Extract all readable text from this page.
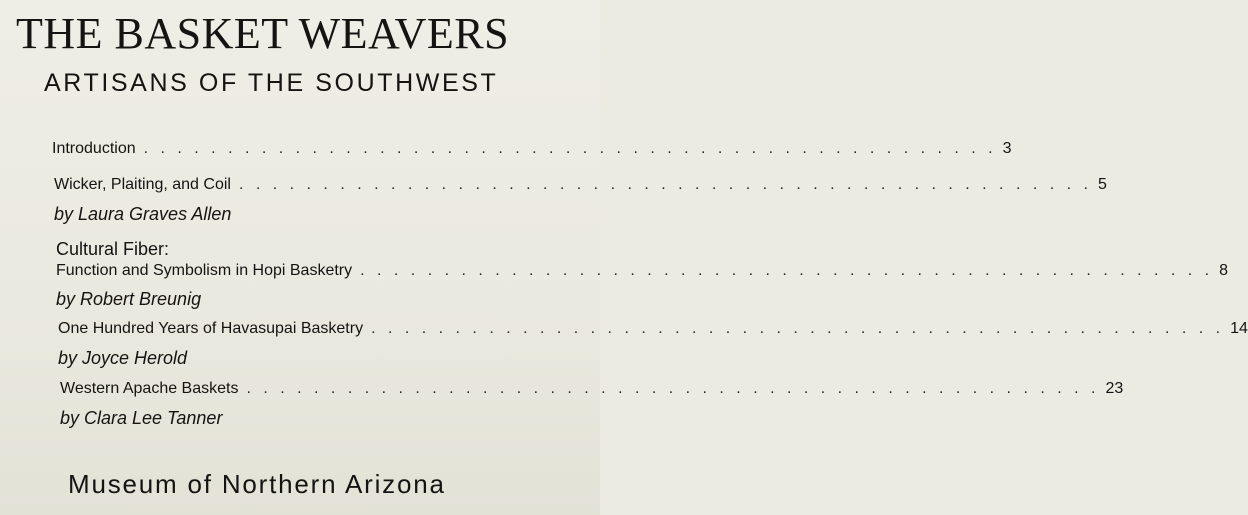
THE BASKET WEAVERS
ARTISANS OF THE SOUTHWEST
Introduction . . . . . . . . . . . . . . . . . . . . . . . . . . . . . . . . . . . . . . . . . . . . . . . . . . . 3
Wicker, Plaiting, and Coil . . . . . . . . . . . . . . . . . . . . . . . . . . . . . . . . . . . . . . . . . . . . . . . . . . . 5
by Laura Graves Allen
Cultural Fiber:
Function and Symbolism in Hopi Basketry . . . . . . . . . . . . . . . . . . . . . . . . . . . . . . . . . . . . . . . . . . . . . . . . . . . 8
by Robert Breunig
One Hundred Years of Havasupai Basketry . . . . . . . . . . . . . . . . . . . . . . . . . . . . . . . . . . . . . . . . . . . . . . . . . . . 14
by Joyce Herold
Western Apache Baskets . . . . . . . . . . . . . . . . . . . . . . . . . . . . . . . . . . . . . . . . . . . . . . . . . . . 23
by Clara Lee Tanner
Museum of Northern Arizona
